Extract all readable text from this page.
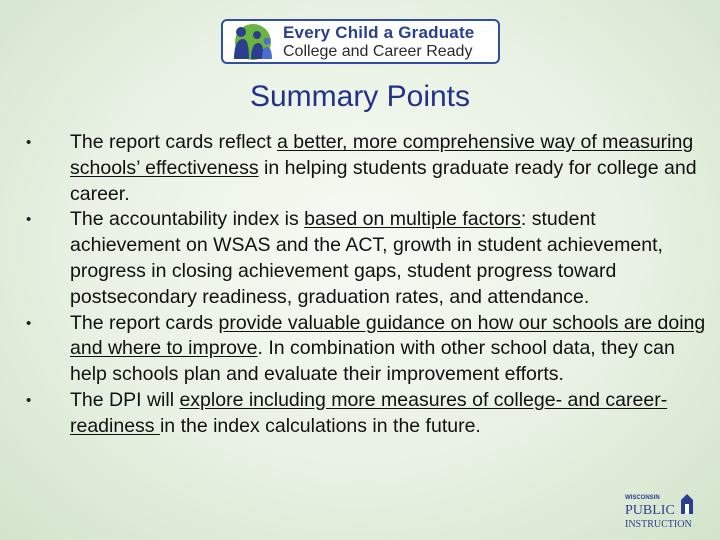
Every Child a Graduate
College and Career Ready
Summary Points
•	The report cards reflect a better, more comprehensive way of measuring schools’ effectiveness in helping students graduate ready for college and career.
•	The accountability index is based on multiple factors: student achievement on WSAS and the ACT, growth in student achievement, progress in closing achievement gaps, student progress toward postsecondary readiness, graduation rates, and attendance.
•	The report cards provide valuable guidance on how our schools are doing and where to improve. In combination with other school data, they can help schools plan and evaluate their improvement efforts.
•	The DPI will explore including more measures of college- and career-readiness in the index calculations in the future.
WISCONSIN
PUBLIC
INSTRUCTION
